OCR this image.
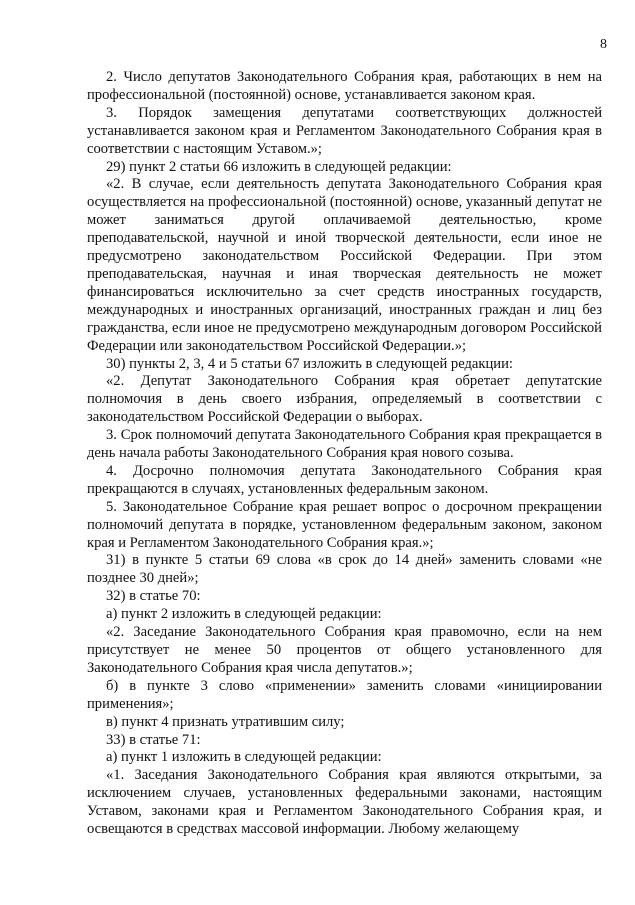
8

2. Число депутатов Законодательного Собрания края, работающих в нем на профессиональной (постоянной) основе, устанавливается законом края.

3. Порядок замещения депутатами соответствующих должностей устанавливается законом края и Регламентом Законодательного Собрания края в соответствии с настоящим Уставом.»;

29) пункт 2 статьи 66 изложить в следующей редакции:

«2. В случае, если деятельность депутата Законодательного Собрания края осуществляется на профессиональной (постоянной) основе, указанный депутат не может заниматься другой оплачиваемой деятельностью, кроме преподавательской, научной и иной творческой деятельности, если иное не предусмотрено законодательством Российской Федерации. При этом преподавательская, научная и иная творческая деятельность не может финансироваться исключительно за счет средств иностранных государств, международных и иностранных организаций, иностранных граждан и лиц без гражданства, если иное не предусмотрено международным договором Российской Федерации или законодательством Российской Федерации.»;

30) пункты 2, 3, 4 и 5 статьи 67 изложить в следующей редакции:

«2. Депутат Законодательного Собрания края обретает депутатские полномочия в день своего избрания, определяемый в соответствии с законодательством Российской Федерации о выборах.

3. Срок полномочий депутата Законодательного Собрания края прекращается в день начала работы Законодательного Собрания края нового созыва.

4. Досрочно полномочия депутата Законодательного Собрания края прекращаются в случаях, установленных федеральным законом.

5. Законодательное Собрание края решает вопрос о досрочном прекращении полномочий депутата в порядке, установленном федеральным законом, законом края и Регламентом Законодательного Собрания края.»;

31) в пункте 5 статьи 69 слова «в срок до 14 дней» заменить словами «не позднее 30 дней»;

32) в статье 70:

а) пункт 2 изложить в следующей редакции:

«2. Заседание Законодательного Собрания края правомочно, если на нем присутствует не менее 50 процентов от общего установленного для Законодательного Собрания края числа депутатов.»;

б) в пункте 3 слово «применении» заменить словами «инициировании применения»;

в) пункт 4 признать утратившим силу;

33) в статье 71:

а) пункт 1 изложить в следующей редакции:

«1. Заседания Законодательного Собрания края являются открытыми, за исключением случаев, установленных федеральными законами, настоящим Уставом, законами края и Регламентом Законодательного Собрания края, и освещаются в средствах массовой информации. Любому желающему
